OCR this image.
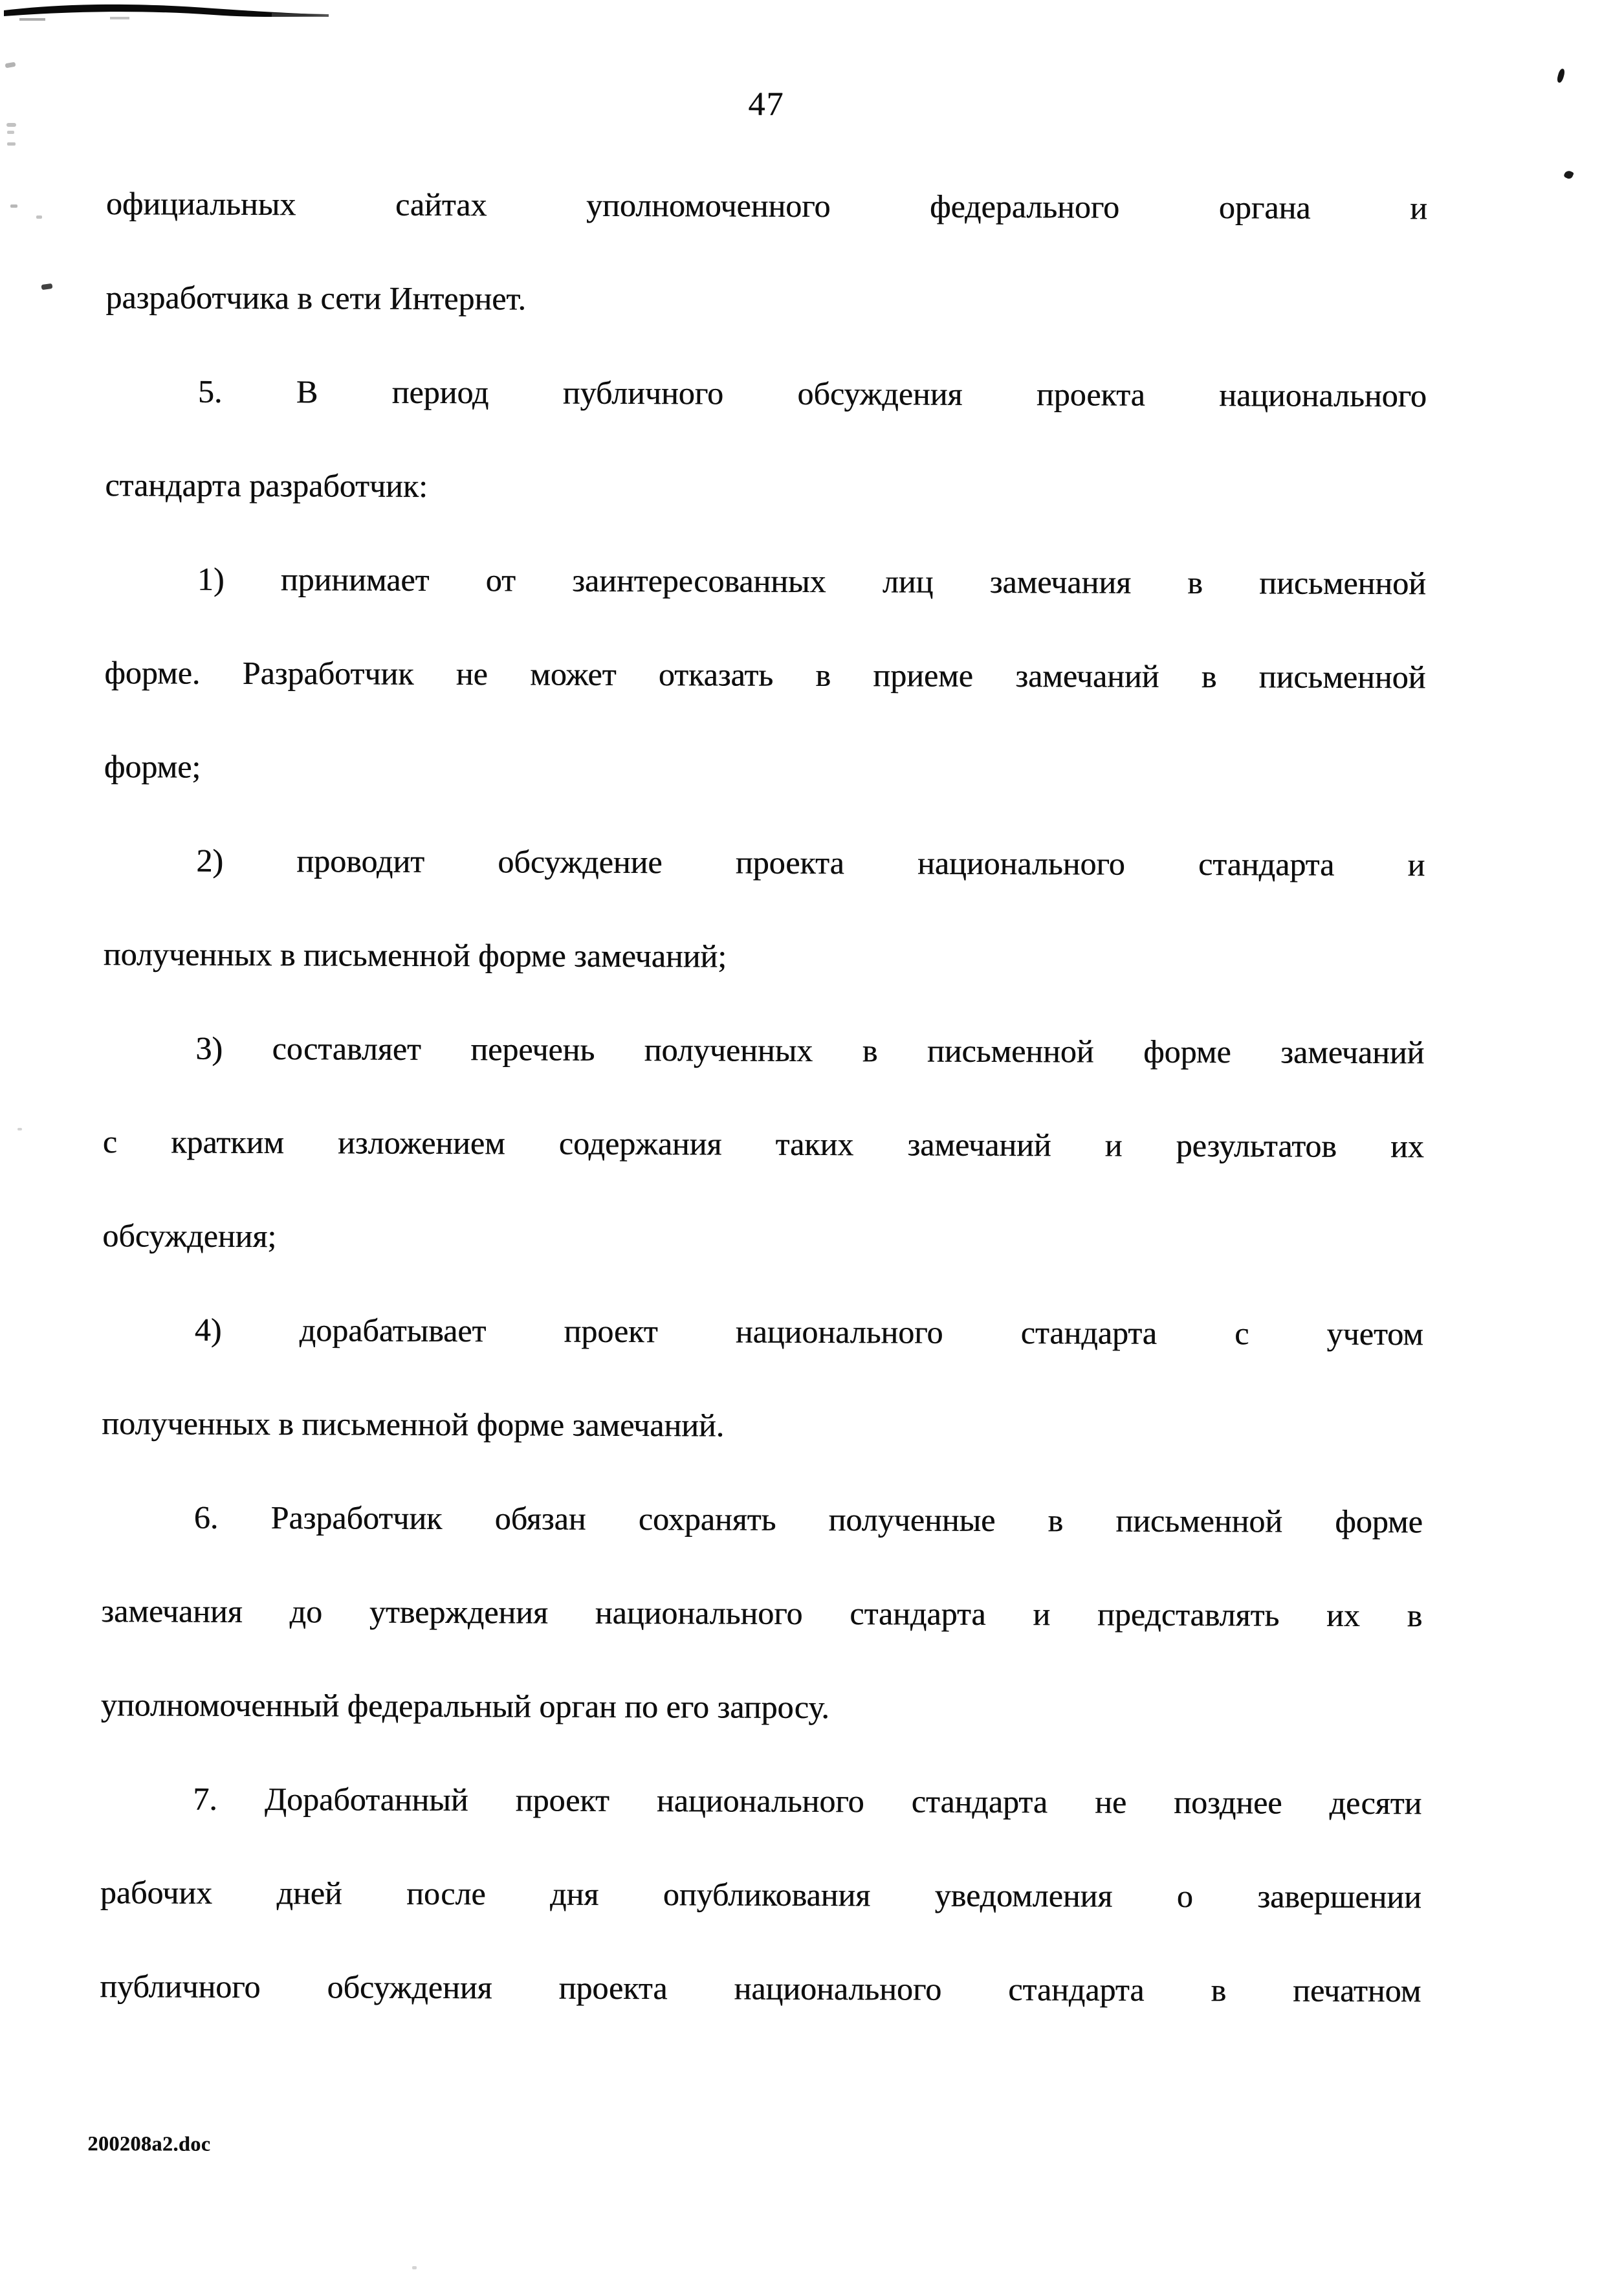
47
официальных сайтах уполномоченного федерального органа и
разработчика в сети Интернет.
5. В период публичного обсуждения проекта национального
стандарта разработчик:
1) принимает от заинтересованных лиц замечания в письменной
форме. Разработчик не может отказать в приеме замечаний в письменной
форме;
2) проводит обсуждение проекта национального стандарта и
полученных в письменной форме замечаний;
3) составляет перечень полученных в письменной форме замечаний
с кратким изложением содержания таких замечаний и результатов их
обсуждения;
4) дорабатывает проект национального стандарта с учетом
полученных в письменной форме замечаний.
6. Разработчик обязан сохранять полученные в письменной форме
замечания до утверждения национального стандарта и представлять их в
уполномоченный федеральный орган по его запросу.
7. Доработанный проект национального стандарта не позднее десяти
рабочих дней после дня опубликования уведомления о завершении
публичного обсуждения проекта национального стандарта в печатном
200208a2.doc
